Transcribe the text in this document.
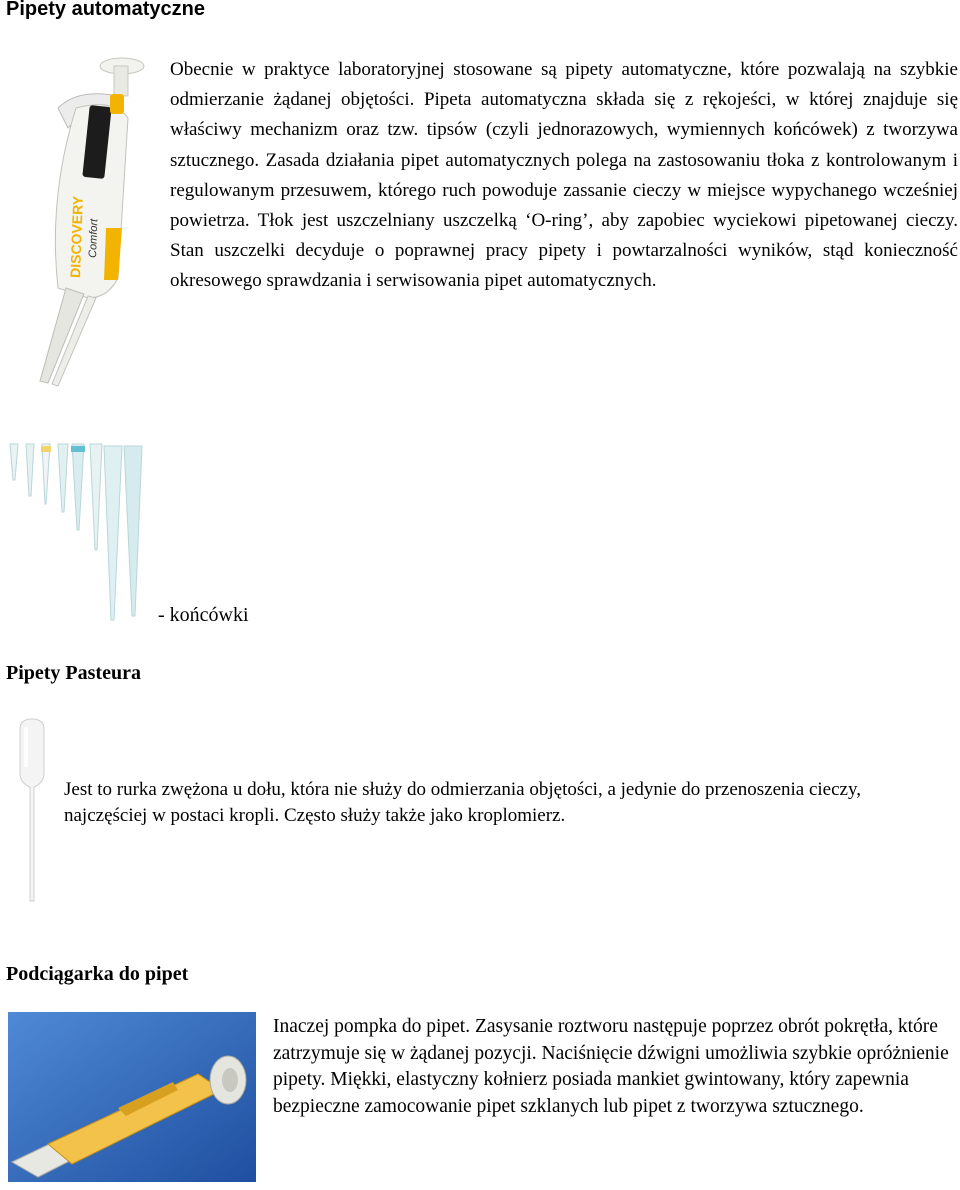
Pipety automatyczne
DISCOVERY Comfort

Obecnie w praktyce laboratoryjnej stosowane są pipety automatyczne, które pozwalają na szybkie odmierzanie żądanej objętości. Pipeta automatyczna składa się z rękojeści, w której znajduje się właściwy mechanizm oraz tzw. tipsów (czyli jednorazowych, wymiennych końcówek) z tworzywa sztucznego. Zasada działania pipet automatycznych polega na zastosowaniu tłoka z kontrolowanym i regulowanym przesuwem, którego ruch powoduje zassanie cieczy w miejsce wypychanego wcześniej powietrza. Tłok jest uszczelniany uszczelką ‘O-ring’, aby zapobiec wyciekowi pipetowanej cieczy. Stan uszczelki decyduje o poprawnej pracy pipety i powtarzalności wyników, stąd konieczność okresowego sprawdzania i serwisowania pipet automatycznych.

- końcówki
Pipety Pasteura

Jest to rurka zwężona u dołu, która nie służy do odmierzania objętości, a jedynie do przenoszenia cieczy, najczęściej w postaci kropli. Często służy także jako kroplomierz.

Podciągarka do pipet

Inaczej pompka do pipet. Zasysanie roztworu następuje poprzez obrót pokrętła, które zatrzymuje się w żądanej pozycji. Naciśnięcie dźwigni umożliwia szybkie opróżnienie pipety. Miękki, elastyczny kołnierz posiada mankiet gwintowany, który zapewnia bezpieczne zamocowanie pipet szklanych lub pipet z tworzywa sztucznego.
